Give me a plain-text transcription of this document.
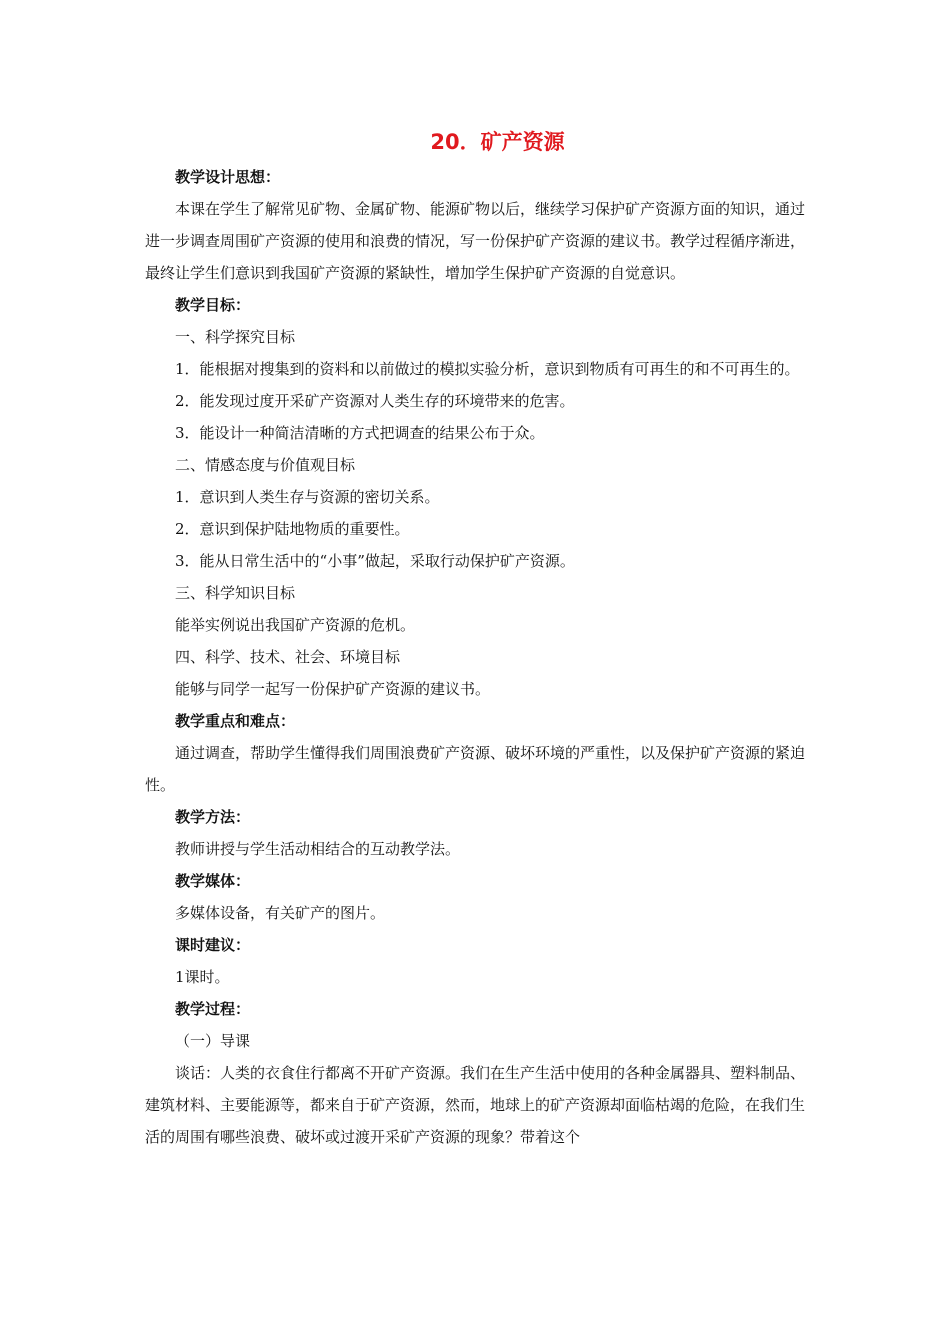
20．矿产资源

教学设计思想：

本课在学生了解常见矿物、金属矿物、能源矿物以后，继续学习保护矿产资源方面的知识，通过进一步调查周围矿产资源的使用和浪费的情况，写一份保护矿产资源的建议书。教学过程循序渐进，最终让学生们意识到我国矿产资源的紧缺性，增加学生保护矿产资源的自觉意识。

教学目标：

一、科学探究目标

1．能根据对搜集到的资料和以前做过的模拟实验分析，意识到物质有可再生的和不可再生的。

2．能发现过度开采矿产资源对人类生存的环境带来的危害。

3．能设计一种简洁清晰的方式把调查的结果公布于众。

二、情感态度与价值观目标

1．意识到人类生存与资源的密切关系。

2．意识到保护陆地物质的重要性。

3．能从日常生活中的“小事”做起，采取行动保护矿产资源。

三、科学知识目标

能举实例说出我国矿产资源的危机。

四、科学、技术、社会、环境目标

能够与同学一起写一份保护矿产资源的建议书。

教学重点和难点：

通过调查，帮助学生懂得我们周围浪费矿产资源、破坏环境的严重性，以及保护矿产资源的紧迫性。

教学方法：

教师讲授与学生活动相结合的互动教学法。

教学媒体：

多媒体设备，有关矿产的图片。

课时建议：

1课时。

教学过程：

（一）导课

谈话：人类的衣食住行都离不开矿产资源。我们在生产生活中使用的各种金属器具、塑料制品、建筑材料、主要能源等，都来自于矿产资源，然而，地球上的矿产资源却面临枯竭的危险，在我们生活的周围有哪些浪费、破坏或过渡开采矿产资源的现象？带着这个
